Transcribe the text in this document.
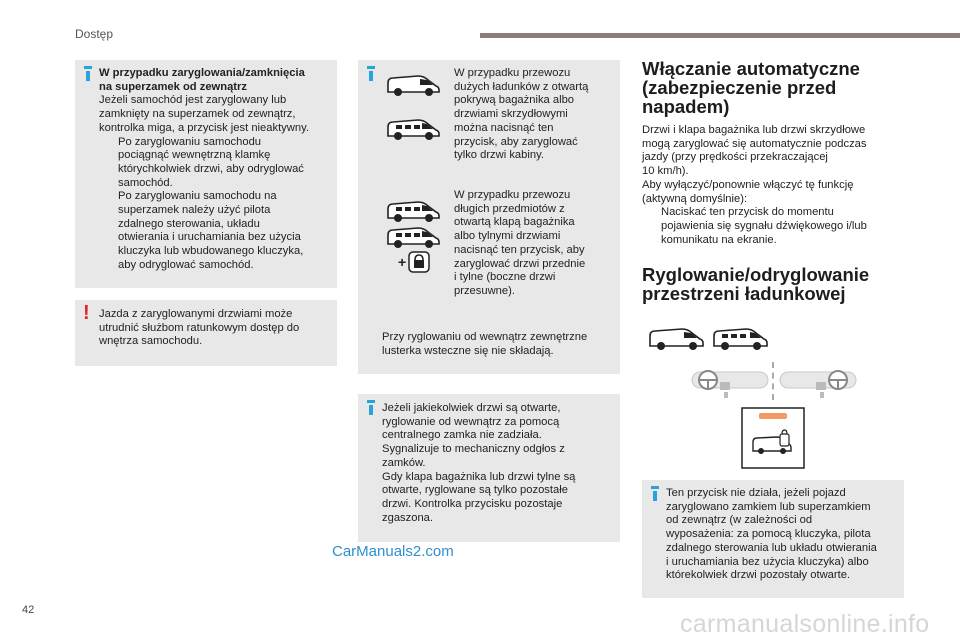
Dostęp
W przypadku zaryglowania/zamknięcia
na superzamek od zewnątrz
Jeżeli samochód jest zaryglowany lub
zamknięty na superzamek od zewnątrz,
kontrolka miga, a przycisk jest nieaktywny.
Po zaryglowaniu samochodu
pociągnąć wewnętrzną klamkę
którychkolwiek drzwi, aby odryglować
samochód.
Po zaryglowaniu samochodu na
superzamek należy użyć pilota
zdalnego sterowania, układu
otwierania i uruchamiania bez użycia
kluczyka lub wbudowanego kluczyka,
aby odryglować samochód.
! Jazda z zaryglowanymi drzwiami może
utrudnić służbom ratunkowym dostęp do
wnętrza samochodu.
W przypadku przewozu
dużych ładunków z otwartą
pokrywą bagażnika albo
drzwiami skrzydłowymi
można nacisnąć ten
przycisk, aby zaryglować
tylko drzwi kabiny.
+
W przypadku przewozu
długich przedmiotów z
otwartą klapą bagażnika
albo tylnymi drzwiami
nacisnąć ten przycisk, aby
zaryglować drzwi przednie
i tylne (boczne drzwi
przesuwne).
Przy ryglowaniu od wewnątrz zewnętrzne
lusterka wsteczne się nie składają.
Jeżeli jakiekolwiek drzwi są otwarte,
ryglowanie od wewnątrz za pomocą
centralnego zamka nie zadziała.
Sygnalizuje to mechaniczny odgłos z
zamków.
Gdy klapa bagażnika lub drzwi tylne są
otwarte, ryglowane są tylko pozostałe
drzwi. Kontrolka przycisku pozostaje
zgaszona.
Włączanie automatyczne
(zabezpieczenie przed
napadem)
Drzwi i klapa bagażnika lub drzwi skrzydłowe
mogą zaryglować się automatycznie podczas
jazdy (przy prędkości przekraczającej
10 km/h).
Aby wyłączyć/ponownie włączyć tę funkcję
(aktywną domyślnie):
Naciskać ten przycisk do momentu
pojawienia się sygnału dźwiękowego i/lub
komunikatu na ekranie.
Ryglowanie/odryglowanie
przestrzeni ładunkowej
Ten przycisk nie działa, jeżeli pojazd
zaryglowano zamkiem lub superzamkiem
od zewnątrz (w zależności od
wyposażenia: za pomocą kluczyka, pilota
zdalnego sterowania lub układu otwierania
i uruchamiania bez użycia kluczyka) albo
którekolwiek drzwi pozostały otwarte.
42
CarManuals2.com
carmanualsonline.info
